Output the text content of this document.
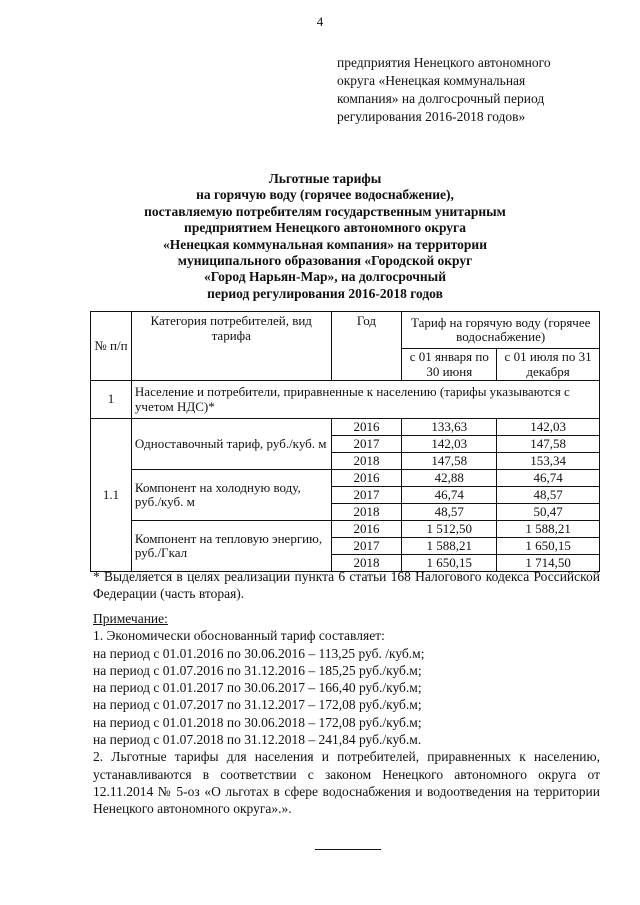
4
предприятия Ненецкого автономного
округа «Ненецкая коммунальная
компания» на долгосрочный период
регулирования 2016-2018 годов»
Льготные тарифы
на горячую воду (горячее водоснабжение),
поставляемую потребителям государственным унитарным
предприятием Ненецкого автономного округа
«Ненецкая коммунальная компания» на территории
муниципального образования «Городской округ
«Город Нарьян-Мар», на долгосрочный
период регулирования 2016-2018 годов
№ п/п	Категория потребителей, вид тарифа	Год	Тариф на горячую воду (горячее водоснабжение)	
			с 01 января по 30 июня	с 01 июля по 31 декабря
1	Население и потребители, приравненные к населению (тарифы указываются с учетом НДС)*			
1.1	Одноставочный тариф, руб./куб. м	2016	133,63	142,03
		2017	142,03	147,58
		2018	147,58	153,34
	Компонент на холодную воду, руб./куб. м	2016	42,88	46,74
		2017	46,74	48,57
		2018	48,57	50,47
	Компонент на тепловую энергию, руб./Гкал	2016	1 512,50	1 588,21
		2017	1 588,21	1 650,15
		2018	1 650,15	1 714,50
* Выделяется в целях реализации пункта 6 статьи 168 Налогового кодекса Российской Федерации (часть вторая).
Примечание:
1. Экономически обоснованный тариф составляет:
на период с 01.01.2016 по 30.06.2016 – 113,25 руб. /куб.м;
на период с 01.07.2016 по 31.12.2016 – 185,25 руб./куб.м;
на период с 01.01.2017 по 30.06.2017 – 166,40 руб./куб.м;
на период с 01.07.2017 по 31.12.2017 – 172,08 руб./куб.м;
на период с 01.01.2018 по 30.06.2018 – 172,08 руб./куб.м;
на период с 01.07.2018 по 31.12.2018 – 241,84 руб./куб.м.
2. Льготные тарифы для населения и потребителей, приравненных к населению, устанавливаются в соответствии с законом Ненецкого автономного округа от 12.11.2014 № 5-оз «О льготах в сфере водоснабжения и водоотведения на территории Ненецкого автономного округа».».
